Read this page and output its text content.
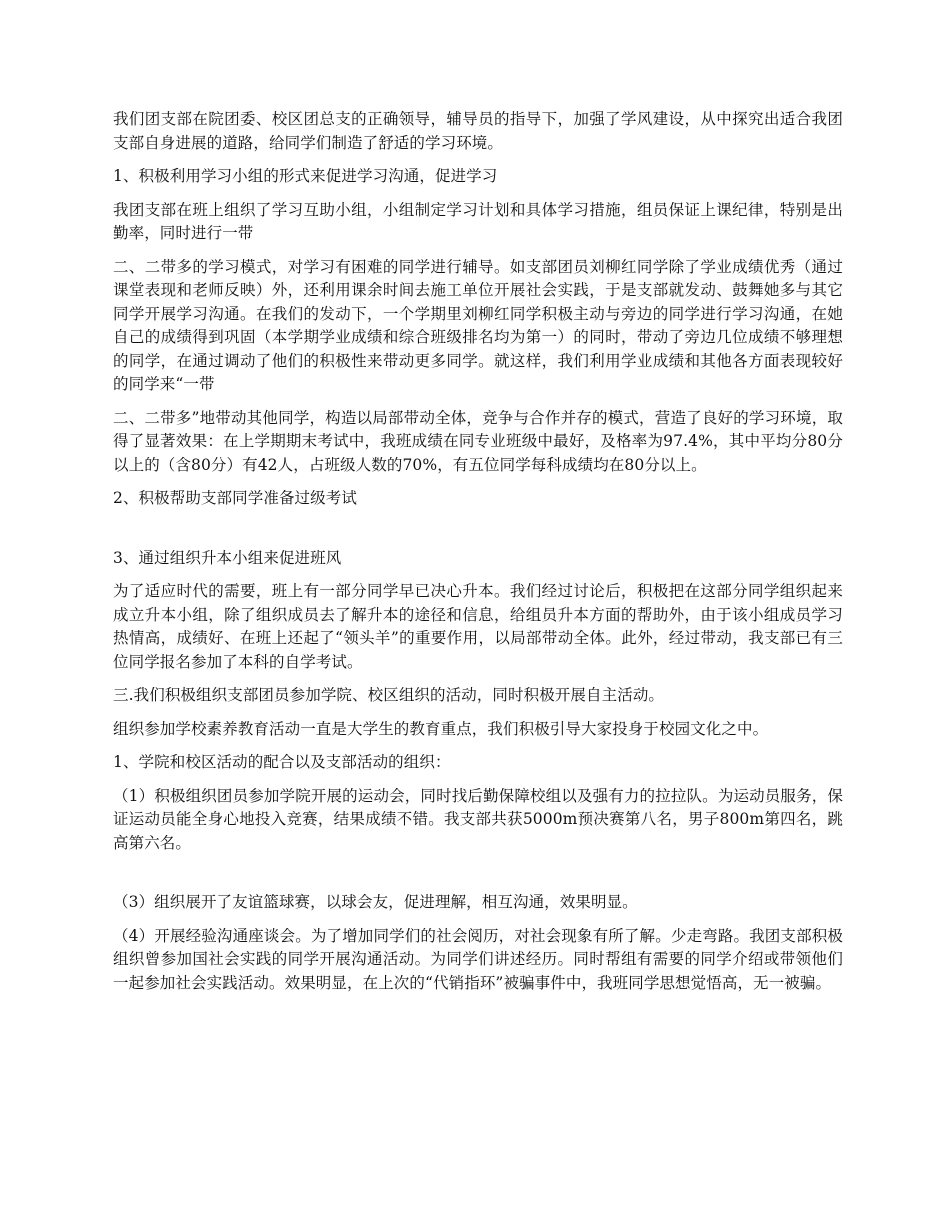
我们团支部在院团委、校区团总支的正确领导，辅导员的指导下，加强了学风建设，从中探究出适合我团支部自身进展的道路，给同学们制造了舒适的学习环境。

1、积极利用学习小组的形式来促进学习沟通，促进学习

我团支部在班上组织了学习互助小组，小组制定学习计划和具体学习措施，组员保证上课纪律，特别是出勤率，同时进行一带

二、二带多的学习模式，对学习有困难的同学进行辅导。如支部团员刘柳红同学除了学业成绩优秀（通过课堂表现和老师反映）外，还利用课余时间去施工单位开展社会实践，于是支部就发动、鼓舞她多与其它同学开展学习沟通。在我们的发动下，一个学期里刘柳红同学积极主动与旁边的同学进行学习沟通，在她自己的成绩得到巩固（本学期学业成绩和综合班级排名均为第一）的同时，带动了旁边几位成绩不够理想的同学，在通过调动了他们的积极性来带动更多同学。就这样，我们利用学业成绩和其他各方面表现较好的同学来“一带

二、二带多”地带动其他同学，构造以局部带动全体，竞争与合作并存的模式，营造了良好的学习环境，取得了显著效果：在上学期期末考试中，我班成绩在同专业班级中最好，及格率为97.4%，其中平均分80分以上的（含80分）有42人，占班级人数的70%，有五位同学每科成绩均在80分以上。

2、积极帮助支部同学准备过级考试

3、通过组织升本小组来促进班风

为了适应时代的需要，班上有一部分同学早已决心升本。我们经过讨论后，积极把在这部分同学组织起来成立升本小组，除了组织成员去了解升本的途径和信息，给组员升本方面的帮助外，由于该小组成员学习热情高，成绩好、在班上还起了“领头羊”的重要作用，以局部带动全体。此外，经过带动，我支部已有三位同学报名参加了本科的自学考试。

三.我们积极组织支部团员参加学院、校区组织的活动，同时积极开展自主活动。

组织参加学校素养教育活动一直是大学生的教育重点，我们积极引导大家投身于校园文化之中。

1、学院和校区活动的配合以及支部活动的组织：

（1）积极组织团员参加学院开展的运动会，同时找后勤保障校组以及强有力的拉拉队。为运动员服务，保证运动员能全身心地投入竞赛，结果成绩不错。我支部共获5000m预决赛第八名，男子800m第四名，跳高第六名。

（3）组织展开了友谊篮球赛，以球会友，促进理解，相互沟通，效果明显。

（4）开展经验沟通座谈会。为了增加同学们的社会阅历，对社会现象有所了解。少走弯路。我团支部积极组织曾参加国社会实践的同学开展沟通活动。为同学们讲述经历。同时帮组有需要的同学介绍或带领他们一起参加社会实践活动。效果明显，在上次的“代销指环”被骗事件中，我班同学思想觉悟高，无一被骗。
